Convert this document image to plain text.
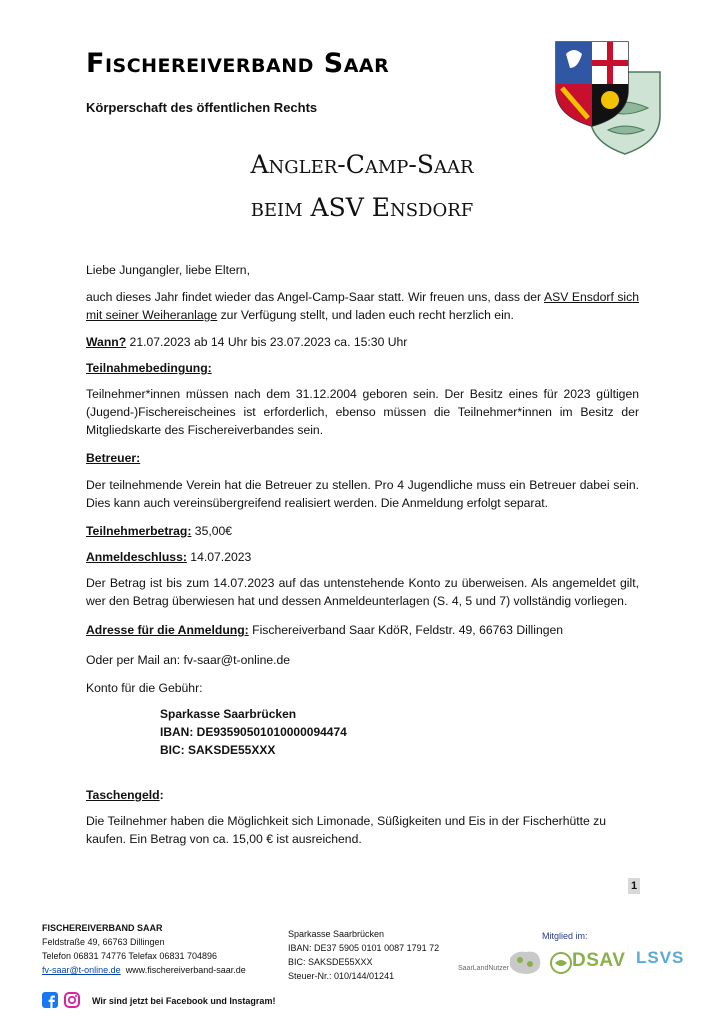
Fischereiverband Saar
Körperschaft des öffentlichen Rechts
Angler-Camp-Saar
beim ASV Ensdorf
Liebe Jungangler, liebe Eltern,
auch dieses Jahr findet wieder das Angel-Camp-Saar statt. Wir freuen uns, dass der ASV Ensdorf sich mit seiner Weiheranlage zur Verfügung stellt, und laden euch recht herzlich ein.
Wann? 21.07.2023 ab 14 Uhr bis 23.07.2023 ca. 15:30 Uhr
Teilnahmebedingung:
Teilnehmer*innen müssen nach dem 31.12.2004 geboren sein. Der Besitz eines für 2023 gültigen (Jugend-)Fischereischeines ist erforderlich, ebenso müssen die Teilnehmer*innen im Besitz der Mitgliedskarte des Fischereiverbandes sein.
Betreuer:
Der teilnehmende Verein hat die Betreuer zu stellen. Pro 4 Jugendliche muss ein Betreuer dabei sein. Dies kann auch vereinsübergreifend realisiert werden. Die Anmeldung erfolgt separat.
Teilnehmerbetrag: 35,00€
Anmeldeschluss: 14.07.2023
Der Betrag ist bis zum 14.07.2023 auf das untenstehende Konto zu überweisen. Als angemeldet gilt, wer den Betrag überwiesen hat und dessen Anmeldeunterlagen (S. 4, 5 und 7) vollständig vorliegen.
Adresse für die Anmeldung: Fischereiverband Saar KdöR, Feldstr. 49, 66763 Dillingen
Oder per Mail an: fv-saar@t-online.de
Konto für die Gebühr:
Sparkasse Saarbrücken
IBAN: DE93590501010000094474
BIC: SAKSDE55XXX
Taschengeld:
Die Teilnehmer haben die Möglichkeit sich Limonade, Süßigkeiten und Eis in der Fischerhütte zu kaufen. Ein Betrag von ca. 15,00 € ist ausreichend.
1
FISCHEREIVERBAND SAAR
Feldstraße 49, 66763 Dillingen
Telefon 06831 74776 Telefax 06831 704896
fv-saar@t-online.de www.fischereiverband-saar.de
Sparkasse Saarbrücken
IBAN: DE37 5905 0101 0087 1791 72
BIC: SAKSDE55XXX
Steuer-Nr.: 010/144/01241
Mitglied im:
SaarLandNutzer	DSAV LSVS
Wir sind jetzt bei Facebook und Instagram!
